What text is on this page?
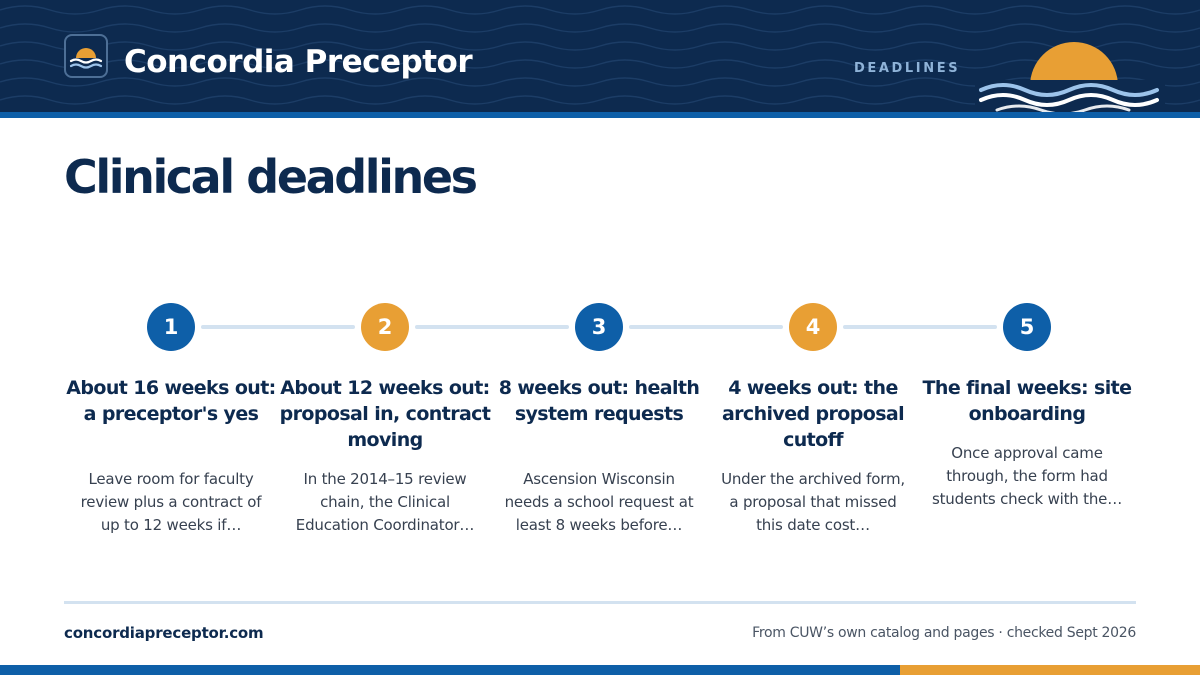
Concordia Preceptor	DEADLINES
Clinical deadlines
1
About 16 weeks out: a preceptor's yes
Leave room for faculty review plus a contract of up to 12 weeks if…
2
About 12 weeks out: proposal in, contract moving
In the 2014–15 review chain, the Clinical Education Coordinator…
3
8 weeks out: health system requests
Ascension Wisconsin needs a school request at least 8 weeks before…
4
4 weeks out: the archived proposal cutoff
Under the archived form, a proposal that missed this date cost…
5
The final weeks: site onboarding
Once approval came through, the form had students check with the…
concordiapreceptor.com	From CUW’s own catalog and pages · checked Sept 2026
